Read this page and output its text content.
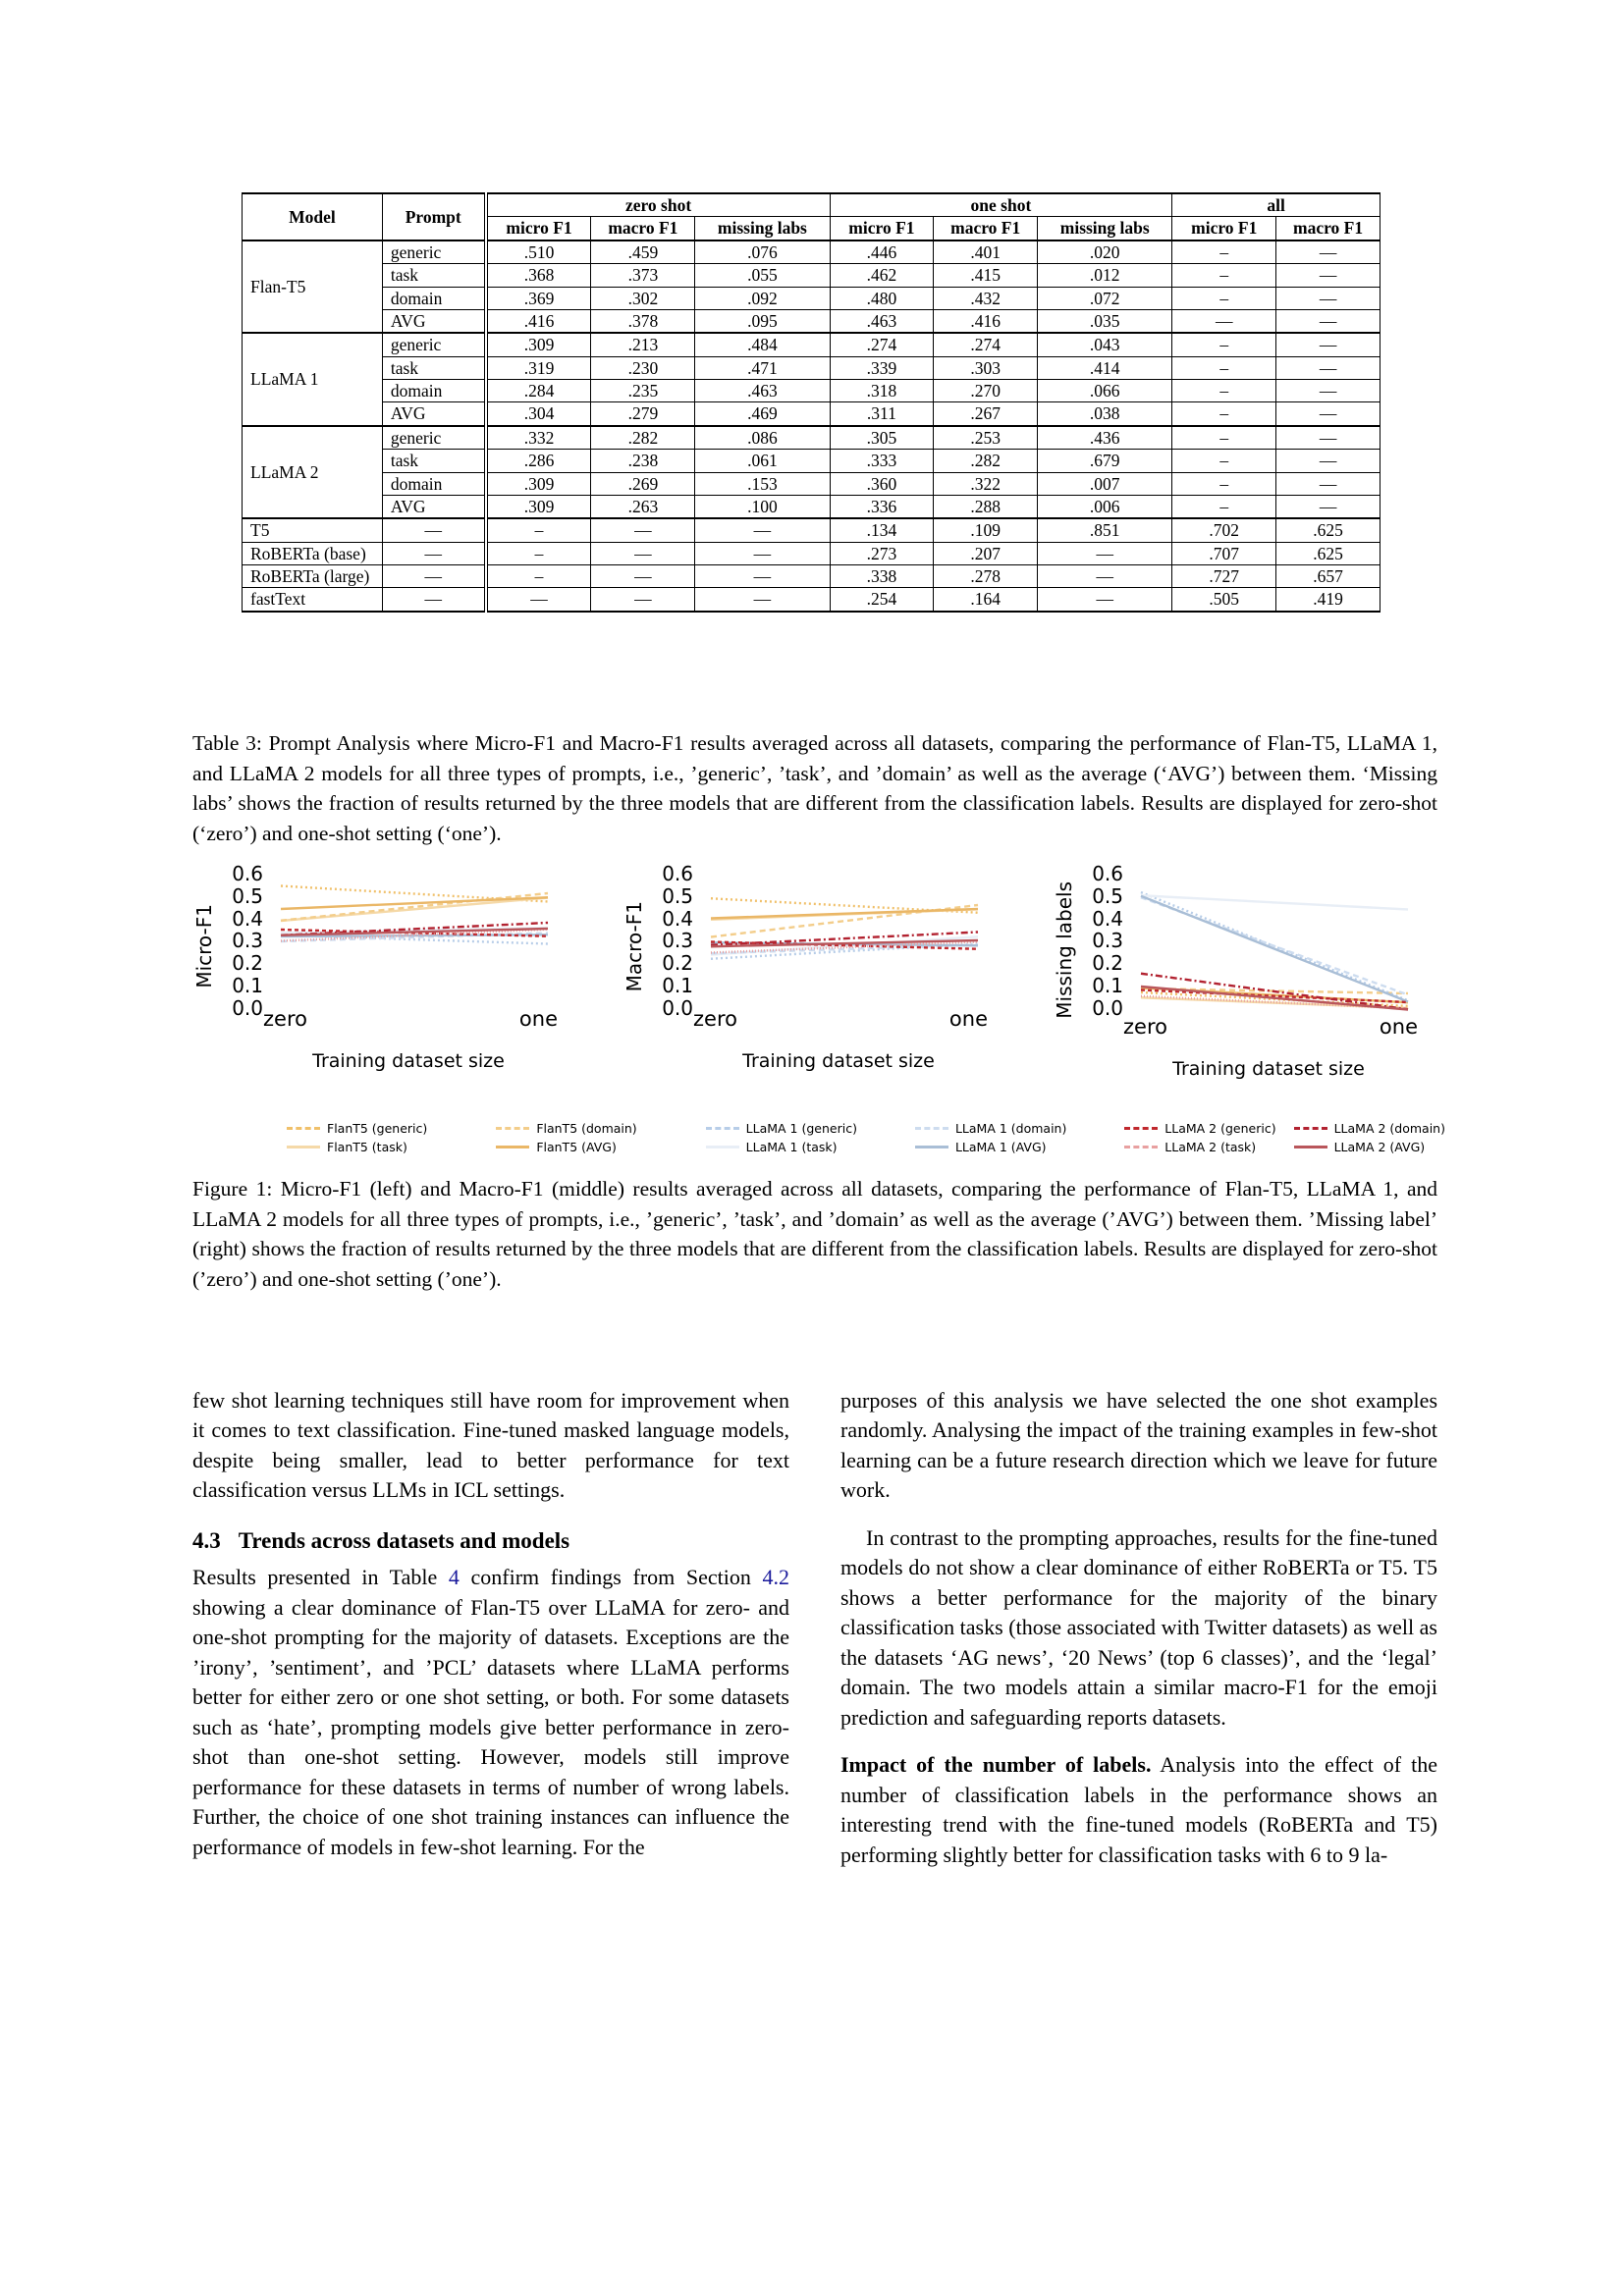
Model	Prompt	zero shot			one shot			all	
		micro F1	macro F1	missing labs	micro F1	macro F1	missing labs	micro F1	macro F1
Flan-T5	generic	.510	.459	.076	.446	.401	.020	–	—
	task	.368	.373	.055	.462	.415	.012	–	—
	domain	.369	.302	.092	.480	.432	.072	–	—
	AVG	.416	.378	.095	.463	.416	.035	—	—
LLaMA 1	generic	.309	.213	.484	.274	.274	.043	–	—
	task	.319	.230	.471	.339	.303	.414	–	—
	domain	.284	.235	.463	.318	.270	.066	–	—
	AVG	.304	.279	.469	.311	.267	.038	–	—
LLaMA 2	generic	.332	.282	.086	.305	.253	.436	–	—
	task	.286	.238	.061	.333	.282	.679	–	—
	domain	.309	.269	.153	.360	.322	.007	–	—
	AVG	.309	.263	.100	.336	.288	.006	–	—
T5	—	–	—	—	.134	.109	.851	.702	.625
RoBERTa (base)	—	–	—	—	.273	.207	—	.707	.625
RoBERTa (large)	—	–	—	—	.338	.278	—	.727	.657
fastText	—	—	—	—	.254	.164	—	.505	.419
Table 3: Prompt Analysis where Micro-F1 and Macro-F1 results averaged across all datasets, comparing the performance of Flan-T5, LLaMA 1, and LLaMA 2 models for all three types of prompts, i.e., ’generic’, ’task’, and ’domain’ as well as the average (‘AVG’) between them. ‘Missing labs’ shows the fraction of results returned by the three models that are different from the classification labels. Results are displayed for zero-shot (‘zero’) and one-shot setting (‘one’).
Micro-F1
0.6
0.5
0.4
0.3
0.2
0.1
0.0 zero	one
Training dataset size
Macro-F1
0.6
0.5
0.4
0.3
0.2
0.1
0.0 zero	one
Training dataset size
Missing labels
0.6
0.5
0.4
0.3
0.2
0.1
0.0
zero	one
Training dataset size
FlanT5 (generic)
FlanT5 (task)
FlanT5 (domain)
FlanT5 (AVG)
LLaMA 1 (generic)
LLaMA 1 (task)
LLaMA 1 (domain)
LLaMA 1 (AVG)
LLaMA 2 (generic)
LLaMA 2 (task)
LLaMA 2 (domain)
LLaMA 2 (AVG)
Figure 1: Micro-F1 (left) and Macro-F1 (middle) results averaged across all datasets, comparing the performance of Flan-T5, LLaMA 1, and LLaMA 2 models for all three types of prompts, i.e., ’generic’, ’task’, and ’domain’ as well as the average (’AVG’) between them. ’Missing label’ (right) shows the fraction of results returned by the three models that are different from the classification labels. Results are displayed for zero-shot (’zero’) and one-shot setting (’one’).

few shot learning techniques still have room for improvement when it comes to text classification. Fine-tuned masked language models, despite being smaller, lead to better performance for text classification versus LLMs in ICL settings.

4.3 Trends across datasets and models

Results presented in Table 4 confirm findings from Section 4.2 showing a clear dominance of Flan-T5 over LLaMA for zero- and one-shot prompting for the majority of datasets. Exceptions are the ’irony’, ’sentiment’, and ’PCL’ datasets where LLaMA performs better for either zero or one shot setting, or both. For some datasets such as ‘hate’, prompting models give better performance in zero- shot than one-shot setting. However, models still improve performance for these datasets in terms of number of wrong labels. Further, the choice of one shot training instances can influence the performance of models in few-shot learning. For the

purposes of this analysis we have selected the one shot examples randomly. Analysing the impact of the training examples in few-shot learning can be a future research direction which we leave for future work.

In contrast to the prompting approaches, results for the fine-tuned models do not show a clear dominance of either RoBERTa or T5. T5 shows a better performance for the majority of the binary classification tasks (those associated with Twitter datasets) as well as the datasets ‘AG news’, ‘20 News’ (top 6 classes)’, and the ‘legal’ domain. The two models attain a similar macro-F1 for the emoji prediction and safeguarding reports datasets.

Impact of the number of labels. Analysis into the effect of the number of classification labels in the performance shows an interesting trend with the fine-tuned models (RoBERTa and T5) performing slightly better for classification tasks with 6 to 9 la-
